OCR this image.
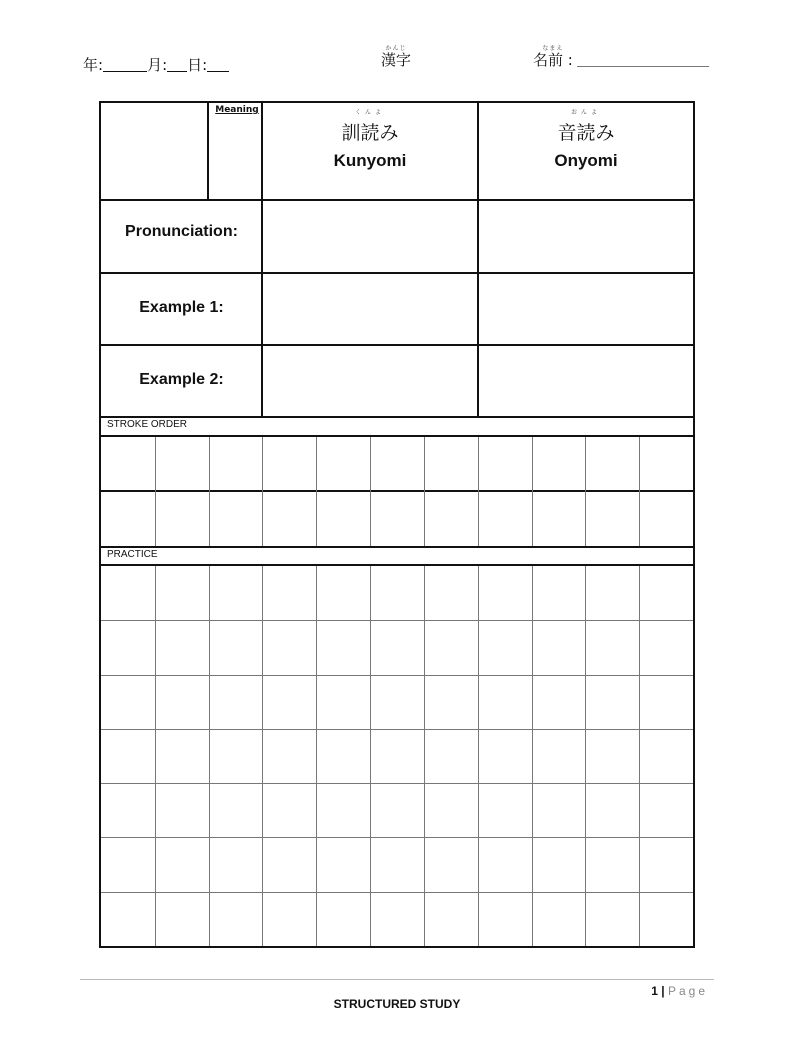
年:	月: 日:
かんじ
漢字
なまえ
名前 :
Meaning	くんよ
訓読み
Kunyomi
おんよ
音読み
Onyomi
Pronunciation:
Example 1:
Example 2:
STROKE ORDER
PRACTICE
1 | Page
STRUCTURED STUDY
